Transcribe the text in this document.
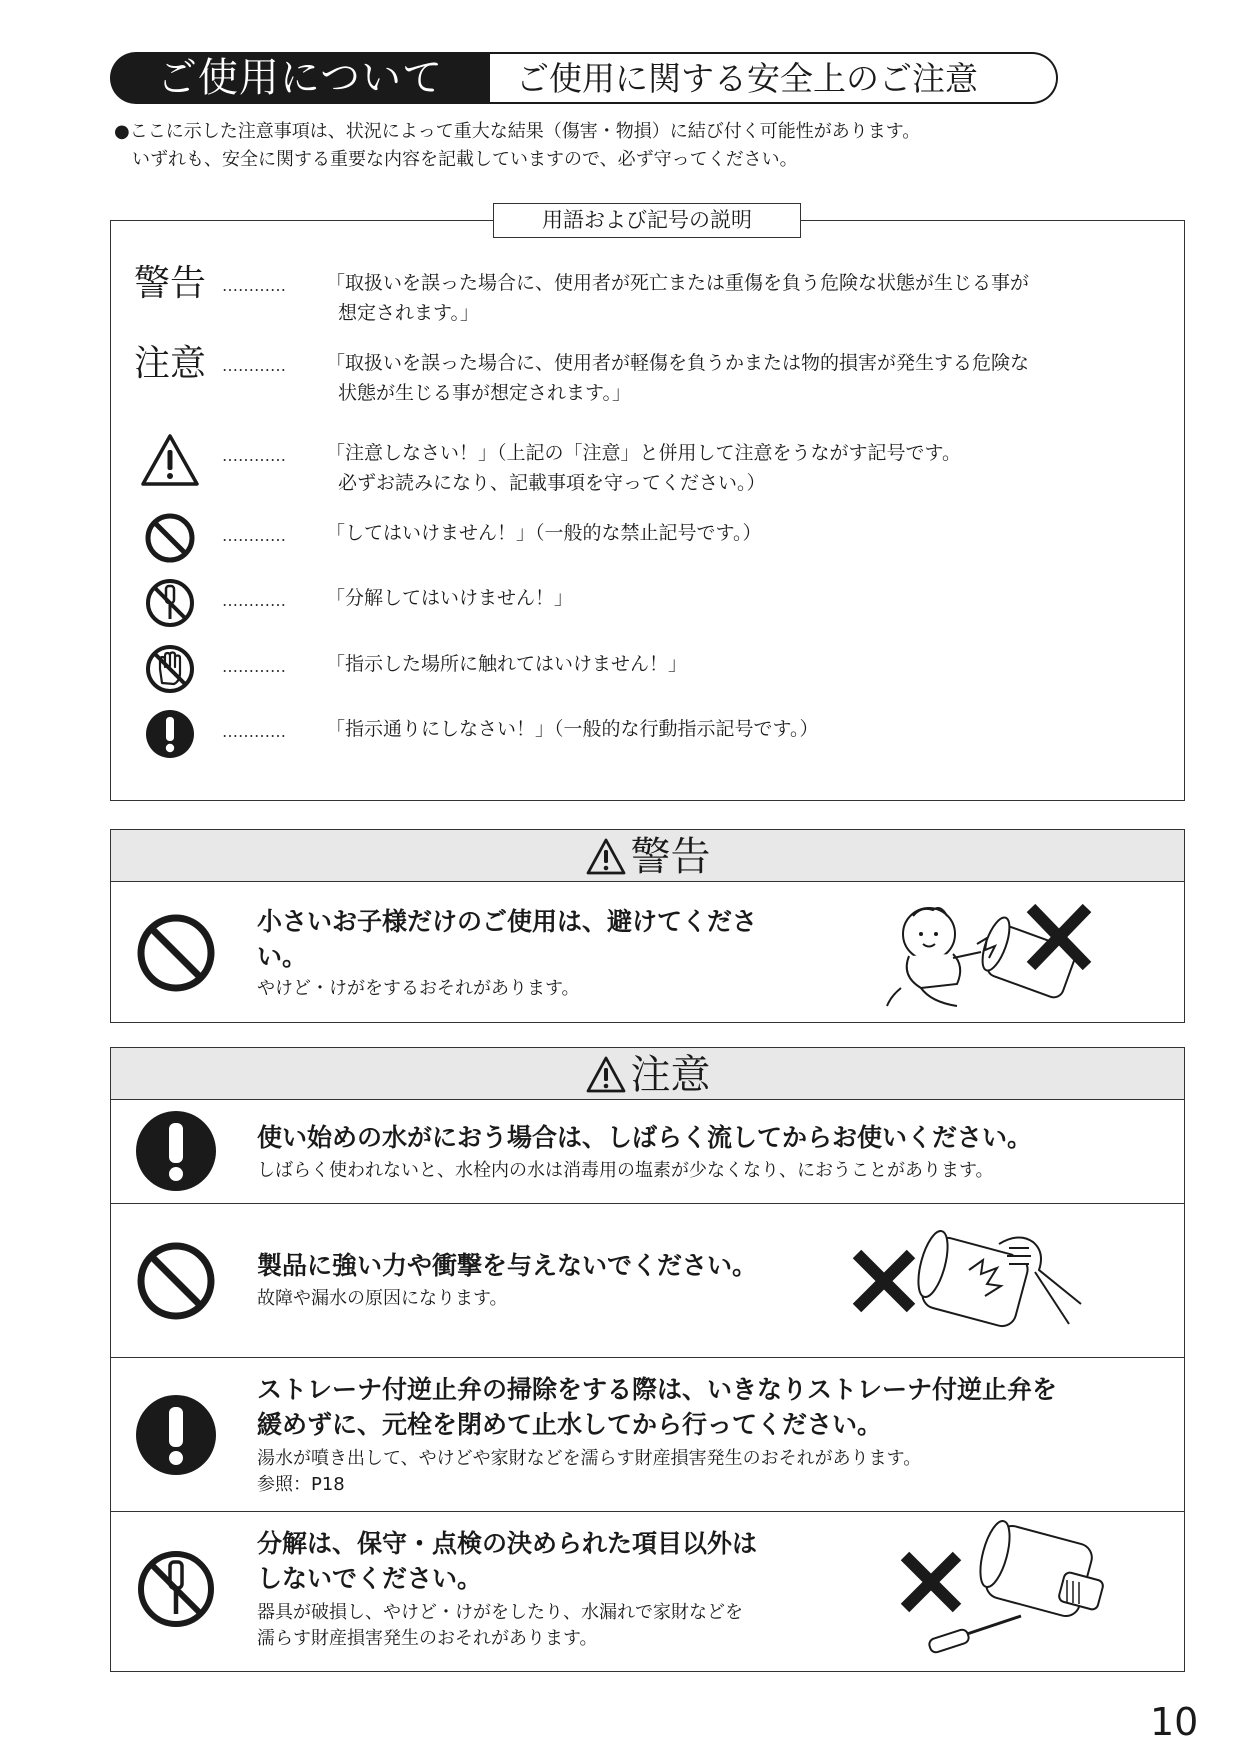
ご使用について	ご使用に関する安全上のご注意
●ここに示した注意事項は、状況によって重大な結果（傷害・物損）に結び付く可能性があります。
いずれも、安全に関する重要な内容を記載していますので、必ず守ってください。
用語および記号の説明
警告 ………… 「取扱いを誤った場合に、使用者が死亡または重傷を負う危険な状態が生じる事が
想定されます。」
注意 ………… 「取扱いを誤った場合に、使用者が軽傷を負うかまたは物的損害が発生する危険な
状態が生じる事が想定されます。」
………… 「注意しなさい！」（上記の「注意」と併用して注意をうながす記号です。
必ずお読みになり、記載事項を守ってください。）
………… 「してはいけません！」（一般的な禁止記号です。）
………… 「分解してはいけません！」
………… 「指示した場所に触れてはいけません！」
………… 「指示通りにしなさい！」（一般的な行動指示記号です。）
警告
小さいお子様だけのご使用は、避けてくださ
い。
やけど・けがをするおそれがあります。
注意
使い始めの水がにおう場合は、しばらく流してからお使いください。
しばらく使われないと、水栓内の水は消毒用の塩素が少なくなり、におうことがあります。
製品に強い力や衝撃を与えないでください。
故障や漏水の原因になります。
ストレーナ付逆止弁の掃除をする際は、いきなりストレーナ付逆止弁を
緩めずに、元栓を閉めて止水してから行ってください。
湯水が噴き出して、やけどや家財などを濡らす財産損害発生のおそれがあります。
参照：P18
分解は、保守・点検の決められた項目以外は
しないでください。
器具が破損し、やけど・けがをしたり、水漏れで家財などを
濡らす財産損害発生のおそれがあります。
10
